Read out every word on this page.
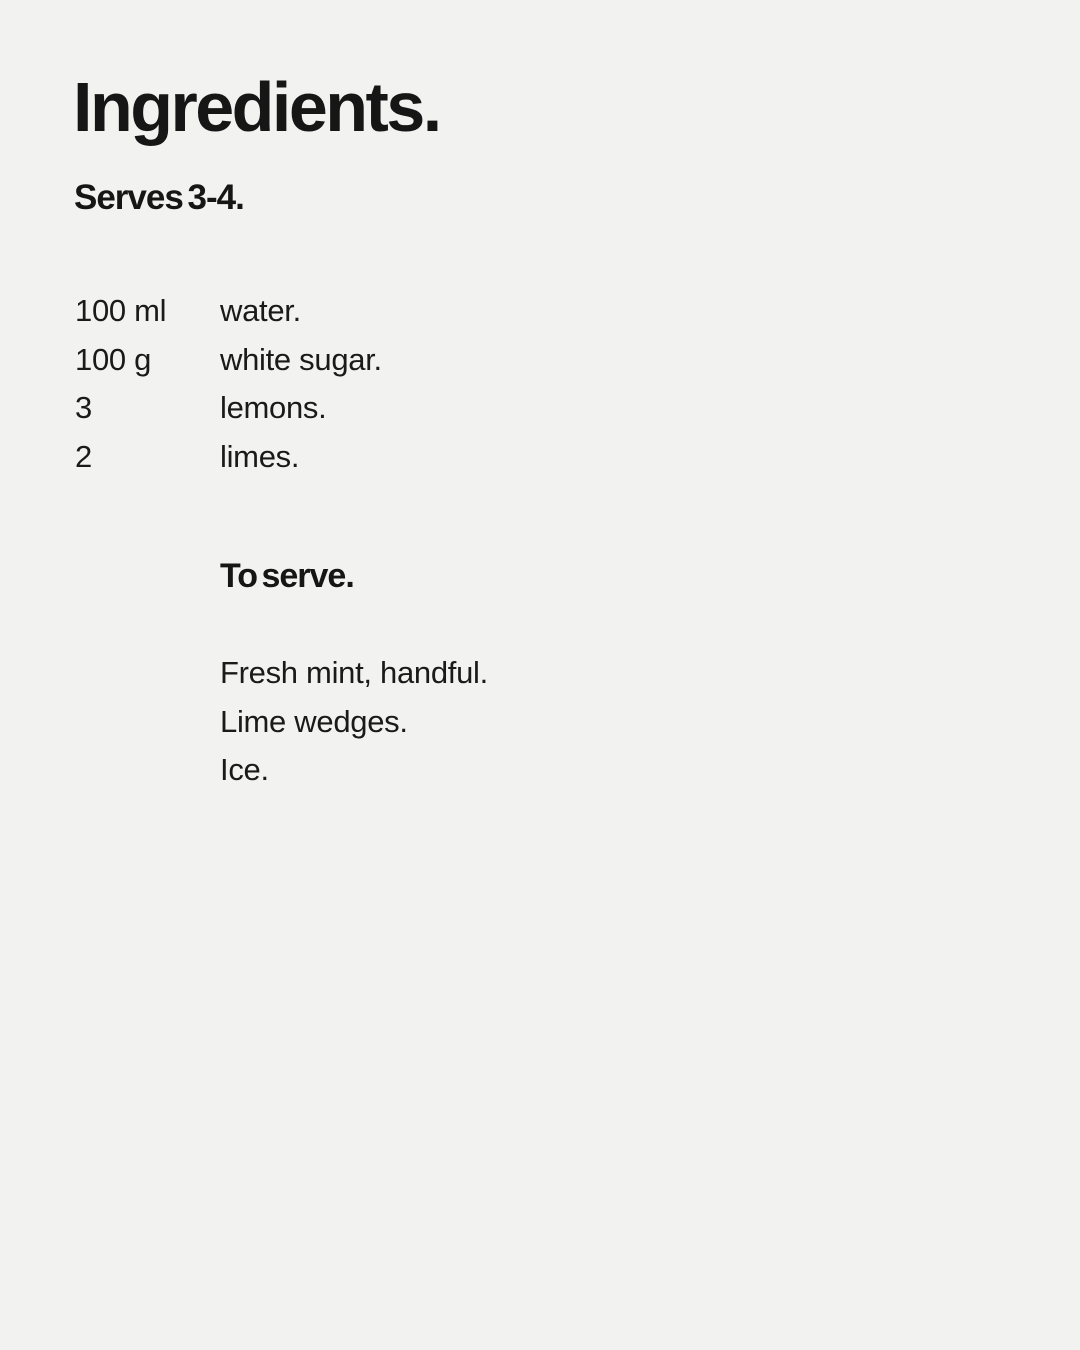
Ingredients.
Serves 3-4.
100 ml	water.
100 g	white sugar.
3	lemons.
2	limes.
To serve.
Fresh mint, handful.
Lime wedges.
Ice.
